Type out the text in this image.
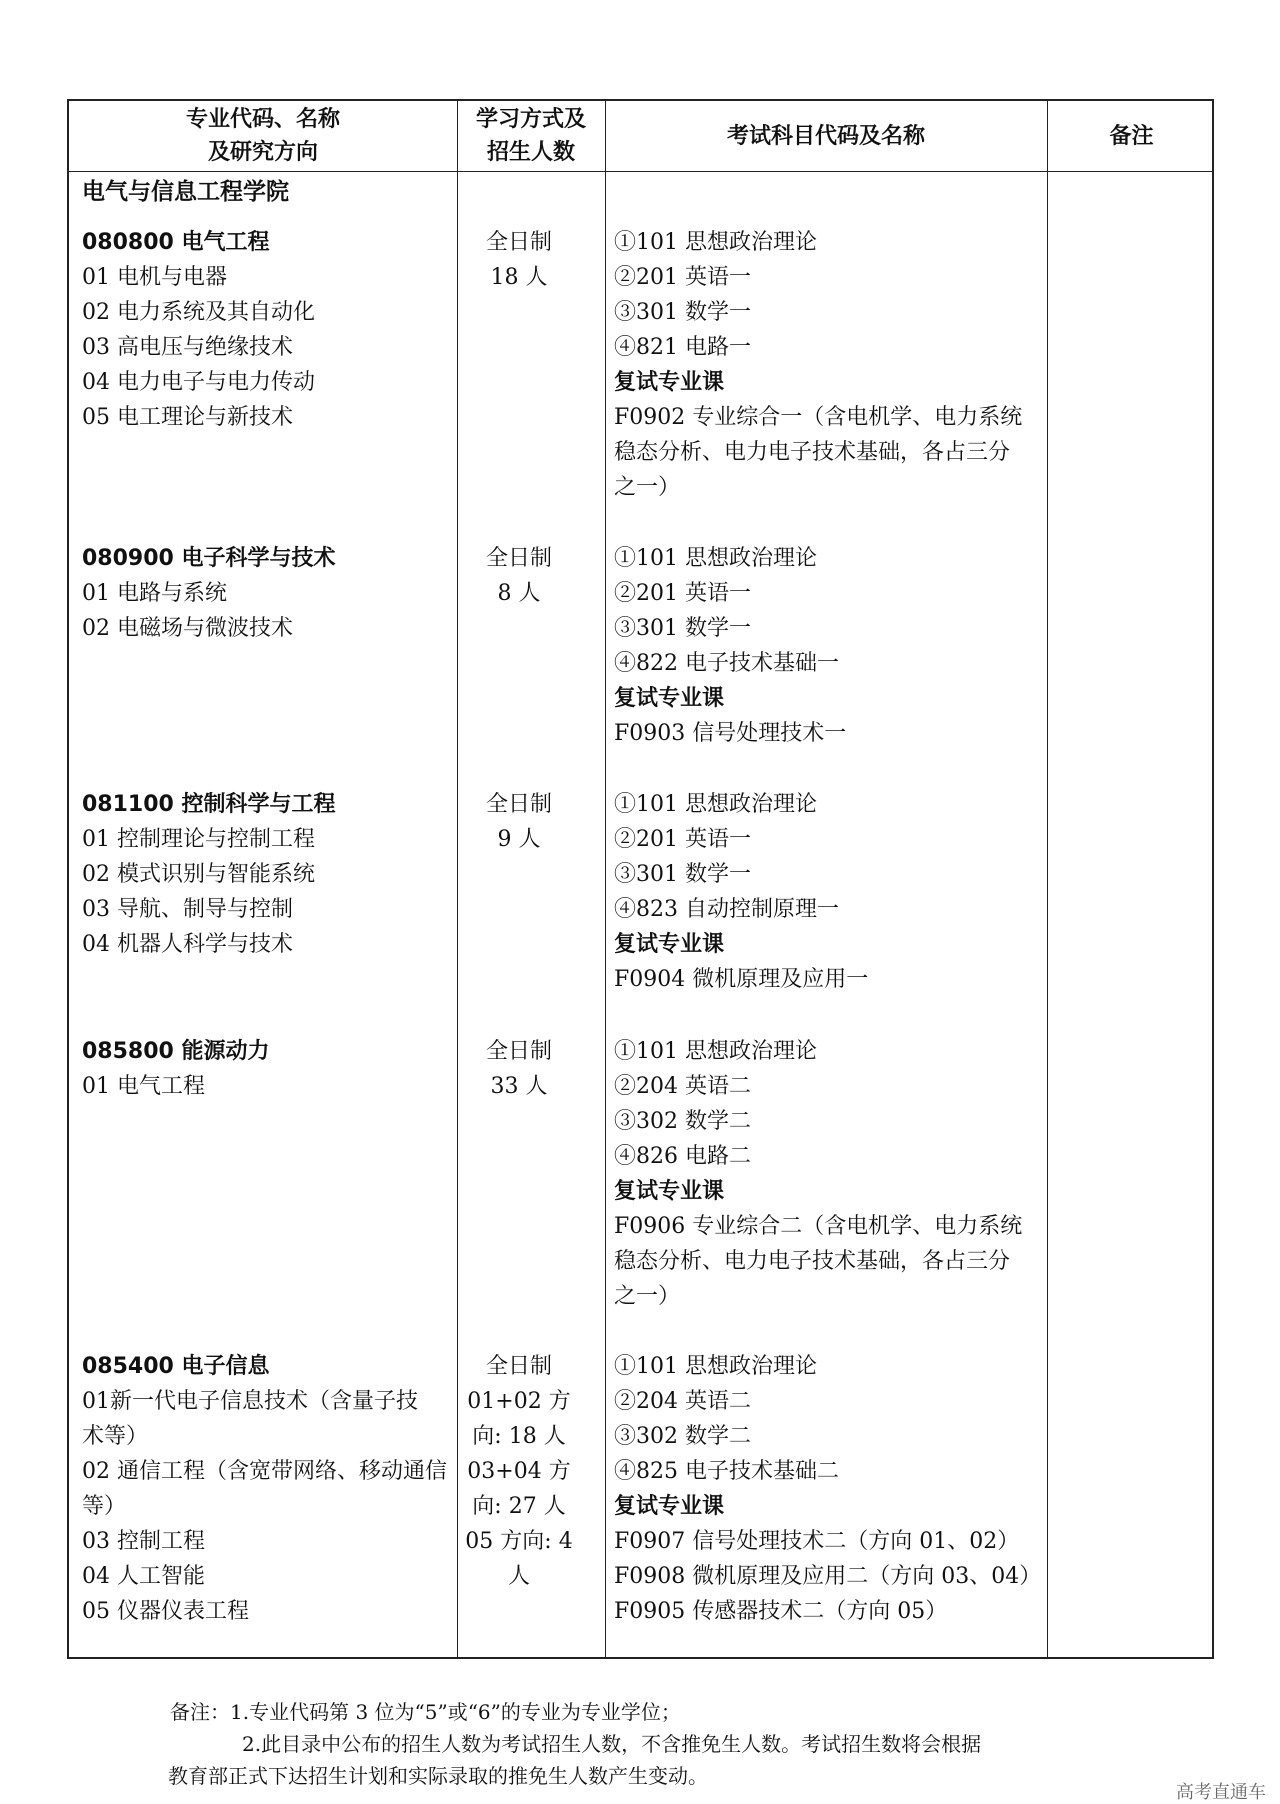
专业代码、名称
及研究方向
学习方式及
招生人数
考试科目代码及名称	备注
电气与信息工程学院
080800 电气工程
01 电机与电器
02 电力系统及其自动化
03 高电压与绝缘技术
04 电力电子与电力传动
05 电工理论与新技术
全日制
18 人
①101 思想政治理论
②201 英语一
③301 数学一
④821 电路一
复试专业课
F0902 专业综合一（含电机学、电力系统
稳态分析、电力电子技术基础，各占三分
之一）
080900 电子科学与技术
01 电路与系统
02 电磁场与微波技术
全日制
8 人
①101 思想政治理论
②201 英语一
③301 数学一
④822 电子技术基础一
复试专业课
F0903 信号处理技术一
081100 控制科学与工程
01 控制理论与控制工程
02 模式识别与智能系统
03 导航、制导与控制
04 机器人科学与技术
全日制
9 人
①101 思想政治理论
②201 英语一
③301 数学一
④823 自动控制原理一
复试专业课
F0904 微机原理及应用一
085800 能源动力
01 电气工程
全日制
33 人
①101 思想政治理论
②204 英语二
③302 数学二
④826 电路二
复试专业课
F0906 专业综合二（含电机学、电力系统
稳态分析、电力电子技术基础，各占三分
之一）
085400 电子信息
01新一代电子信息技术（含量子技
术等）
02 通信工程（含宽带网络、移动通信
等）
03 控制工程
04 人工智能
05 仪器仪表工程
全日制
01+02 方
向: 18 人
03+04 方
向: 27 人
05 方向: 4
人
①101 思想政治理论
②204 英语二
③302 数学二
④825 电子技术基础二
复试专业课
F0907 信号处理技术二（方向 01、02）
F0908 微机原理及应用二（方向 03、04）
F0905 传感器技术二（方向 05）
备注：1.专业代码第 3 位为“5”或“6”的专业为专业学位；
2.此目录中公布的招生人数为考试招生人数，不含推免生人数。考试招生数将会根据
教育部正式下达招生计划和实际录取的推免生人数产生变动。
高考直通车
